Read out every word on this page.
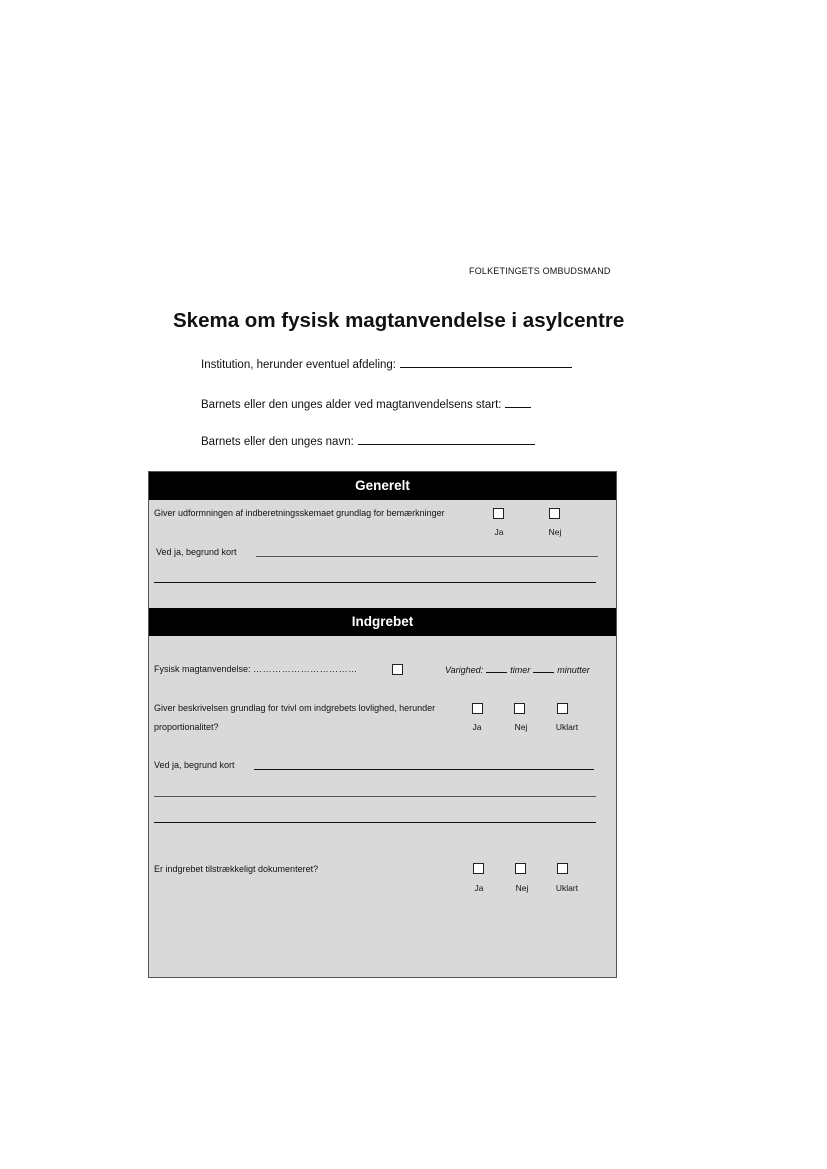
FOLKETINGETS OMBUDSMAND
Skema om fysisk magtanvendelse i asylcentre
Institution, herunder eventuel afdeling:
Barnets eller den unges alder ved magtanvendelsens start:
Barnets eller den unges navn:
Generelt
Giver udformningen af indberetningsskemaet grundlag for bemærkninger
Ja	Nej
Ved ja, begrund kort
Indgrebet
Fysisk magtanvendelse: ……………………………	Varighed:	timer	minutter
Giver beskrivelsen grundlag for tvivl om indgrebets lovlighed, herunder
proportionalitet?	Ja	Nej	Uklart
Ved ja, begrund kort
Er indgrebet tilstrækkeligt dokumenteret?
Ja	Nej	Uklart
